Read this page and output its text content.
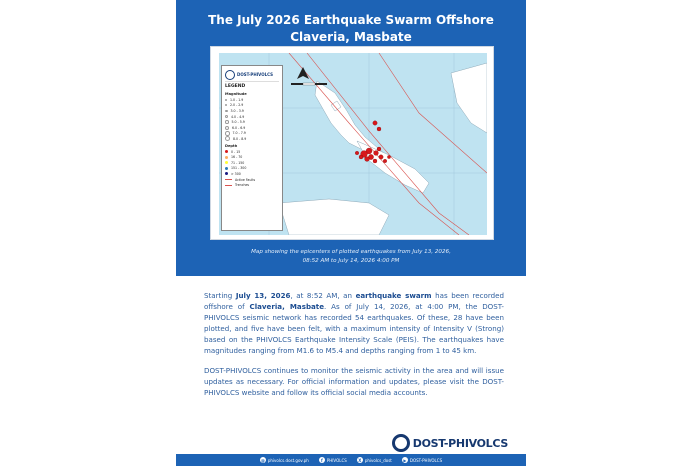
The July 2026 Earthquake Swarm Offshore
Claveria, Masbate
DOST-PHIVOLCS
LEGEND
Magnitude
1.0 - 1.9
2.0 - 2.9
3.0 - 3.9
4.0 - 4.9
5.0 - 5.9
6.0 - 6.9
7.0 - 7.9
8.0 - 8.9
Depth
0 - 15
16 - 70
71 - 150
151 - 300
> 300
Active Faults
Trenches
Map showing the epicenters of plotted earthquakes from July 13, 2026,
08:52 AM to July 14, 2026 4:00 PM

Starting July 13, 2026, at 8:52 AM, an earthquake swarm has been recorded offshore of Claveria, Masbate. As of July 14, 2026, at 4:00 PM, the DOST-PHIVOLCS seismic network has recorded 54 earthquakes. Of these, 28 have been plotted, and five have been felt, with a maximum intensity of Intensity V (Strong) based on the PHIVOLCS Earthquake Intensity Scale (PEIS). The earthquakes have magnitudes ranging from M1.6 to M5.4 and depths ranging from 1 to 45 km.

DOST-PHIVOLCS continues to monitor the seismic activity in the area and will issue updates as necessary. For official information and updates, please visit the DOST-PHIVOLCS website and follow its official social media accounts.

DOST-PHIVOLCS
@ phivolcs.dost.gov.ph	f	PHIVOLCS	X phivolcs_dost	▶ DOST-PHIVOLCS
